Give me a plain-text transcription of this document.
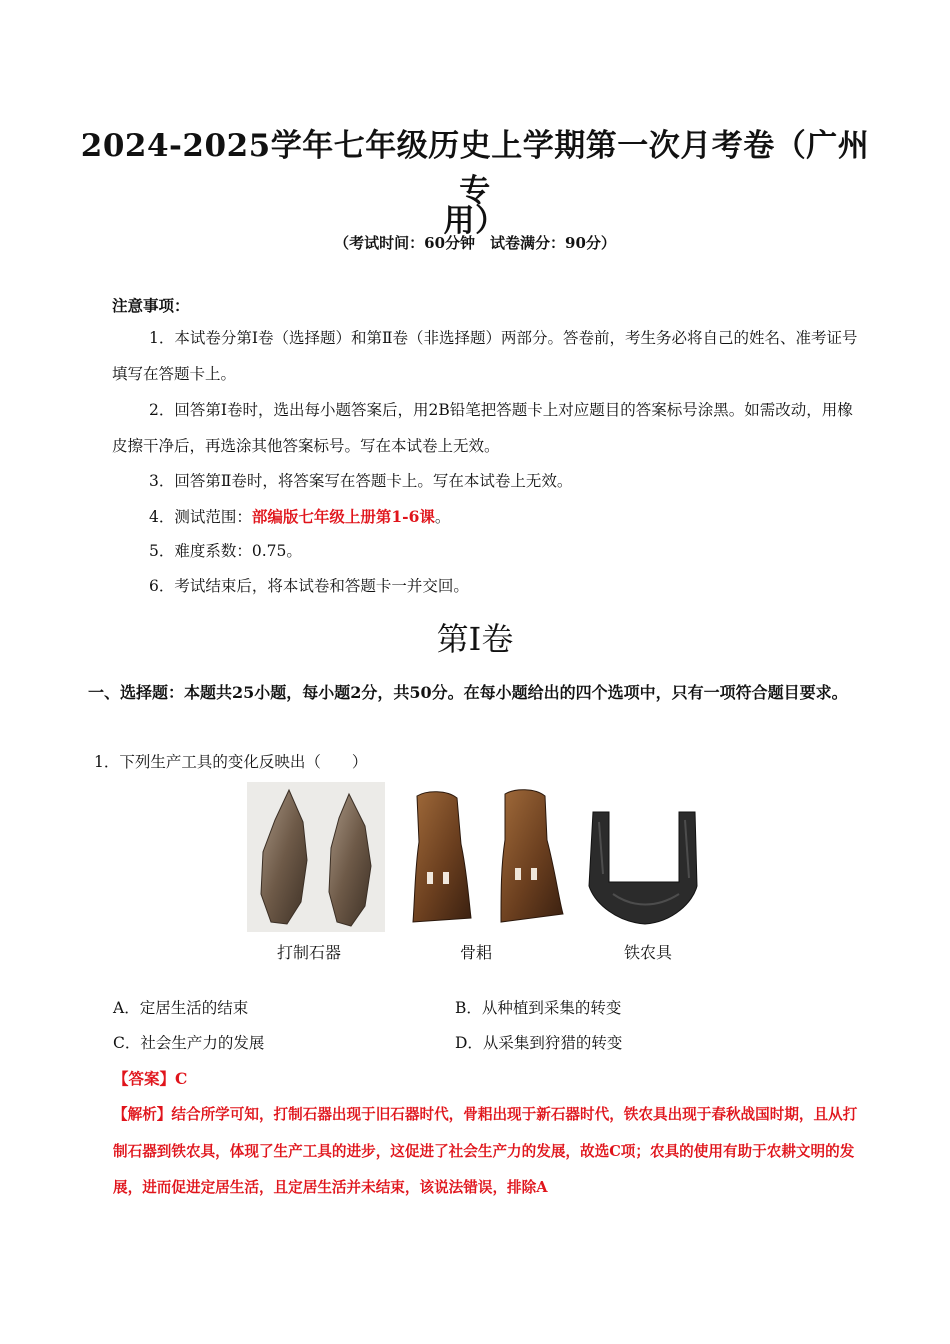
2024-2025学年七年级历史上学期第一次月考卷（广州专
用）
（考试时间：60分钟　试卷满分：90分）
注意事项：
1．本试卷分第Ⅰ卷（选择题）和第Ⅱ卷（非选择题）两部分。答卷前，考生务必将自己的姓名、准考证号填写在答题卡上。
2．回答第Ⅰ卷时，选出每小题答案后，用2B铅笔把答题卡上对应题目的答案标号涂黑。如需改动，用橡皮擦干净后，再选涂其他答案标号。写在本试卷上无效。
3．回答第Ⅱ卷时，将答案写在答题卡上。写在本试卷上无效。
4．测试范围：部编版七年级上册第1-6课。
5．难度系数：0.75。
6．考试结束后，将本试卷和答题卡一并交回。
第Ⅰ卷
一、选择题：本题共25小题，每小题2分，共50分。在每小题给出的四个选项中，只有一项符合题目要求。
1．下列生产工具的变化反映出（　　）
打制石器	骨耜	铁农具
A．定居生活的结束	B．从种植到采集的转变
C．社会生产力的发展	D．从采集到狩猎的转变
【答案】C
【解析】结合所学可知，打制石器出现于旧石器时代，骨耜出现于新石器时代，铁农具出现于春秋战国时期，且从打制石器到铁农具，体现了生产工具的进步，这促进了社会生产力的发展，故选C项；农具的使用有助于农耕文明的发展，进而促进定居生活，且定居生活并未结束，该说法错误，排除A
